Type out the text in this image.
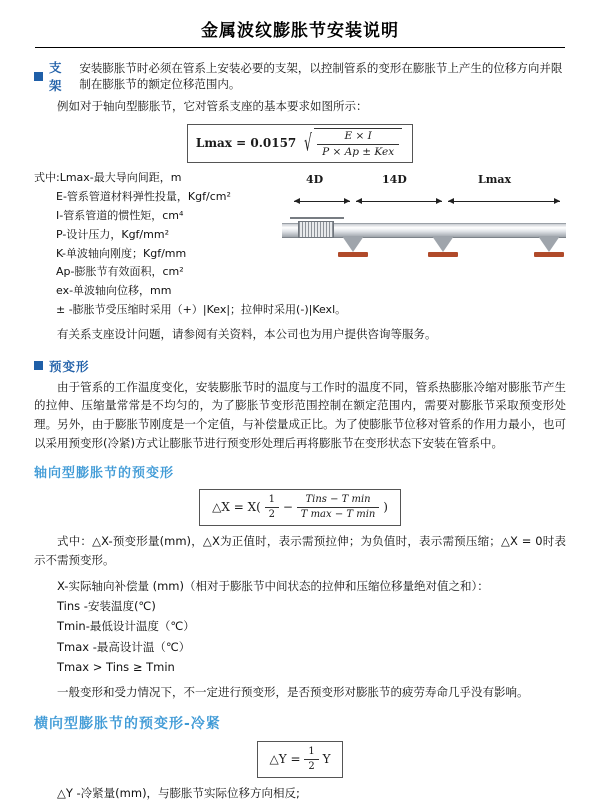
金属波纹膨胀节安装说明
支架
安装膨胀节时必须在管系上安装必要的支架，以控制管系的变形在膨胀节上产生的位移方向并限制在膨胀节的额定位移范围内。

例如对于轴向型膨胀节，它对管系支座的基本要求如图所示：

Lmax = 0.0157 √ $\frac{E \times I}{\text{P × Ap ± Kex}}$
4D	14D	Lmax
式中:Lmax-最大导向间距，m
E-管系管道材料弹性投量，Kgf/cm²
I-管系管道的惯性矩，cm⁴
P-设计压力，Kgf/mm²
K-单波轴向刚度；Kgf/mm
Ap-膨胀节有效面积，cm²
ex-单波轴向位移，mm
± -膨胀节受压缩时采用（+）|Kex|；拉伸时采用(-)|Kexl。

有关系支座设计问题，请参阅有关资料，本公司也为用户提供咨询等服务。

预变形

由于管系的工作温度变化，安装膨胀节时的温度与工作时的温度不同，管系热膨胀冷缩对膨胀节产生的拉伸、压缩量常常是不均匀的，为了膨胀节变形范围控制在额定范围内，需要对膨胀节采取预变形处理。另外，由于膨胀节刚度是一个定值，与补偿量成正比。为了使膨胀节位移对管系的作用力最小，也可以采用预变形(冷紧)方式让膨胀节进行预变形处理后再将膨胀节在变形状态下安装在管系中。

轴向型膨胀节的预变形
△X = $X( \frac{1}{2} - \frac{\text{Tins − T min}}{\text{T max − T min}}$ )

式中：△X-预变形量(mm)，△X为正值时，表示需预拉伸；为负值时，表示需预压缩；△X = 0时表示不需预变形。

X-实际轴向补偿量 (mm)（相对于膨胀节中间状态的拉伸和压缩位移量绝对值之和）：
Tins -安装温度(℃)
Tmin-最低设计温度（℃）
Tmax -最高设计温（℃）
Tmax > Tins ≥ Tmin

一般变形和受力情况下，不一定进行预变形，是否预变形对膨胀节的疲劳寿命几乎没有影响。

横向型膨胀节的预变形-冷紧
△Y = $\frac{1}{2}$ Y

△Y -冷紧量(mm)，与膨胀节实际位移方向相反;
